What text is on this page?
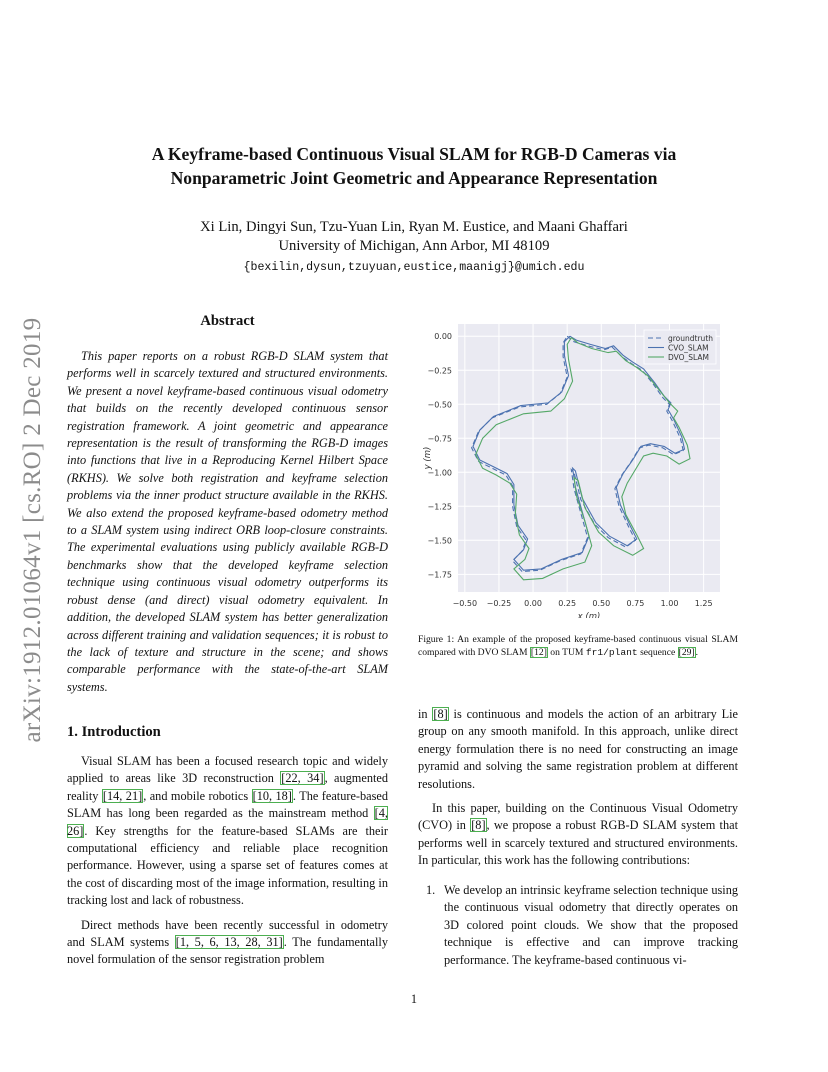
arXiv:1912.01064v1 [cs.RO] 2 Dec 2019
A Keyframe-based Continuous Visual SLAM for RGB-D Cameras via
Nonparametric Joint Geometric and Appearance Representation
Xi Lin, Dingyi Sun, Tzu-Yuan Lin, Ryan M. Eustice, and Maani Ghaffari
University of Michigan, Ann Arbor, MI 48109
{bexilin,dysun,tzuyuan,eustice,maanigj}@umich.edu
Abstract
This paper reports on a robust RGB-D SLAM system that performs well in scarcely textured and structured environments. We present a novel keyframe-based continuous visual odometry that builds on the recently developed continuous sensor registration framework. A joint geometric and appearance representation is the result of transforming the RGB-D images into functions that live in a Reproducing Kernel Hilbert Space (RKHS). We solve both registration and keyframe selection problems via the inner product structure available in the RKHS. We also extend the proposed keyframe-based odometry method to a SLAM system using indirect ORB loop-closure constraints. The experimental evaluations using publicly available RGB-D benchmarks show that the developed keyframe selection technique using continuous visual odometry outperforms its robust dense (and direct) visual odometry equivalent. In addition, the developed SLAM system has better generalization across different training and validation sequences; it is robust to the lack of texture and structure in the scene; and shows comparable performance with the state-of-the-art SLAM systems.
1. Introduction

Visual SLAM has been a focused research topic and widely applied to areas like 3D reconstruction [22, 34], augmented reality [14, 21], and mobile robotics [10, 18]. The feature-based SLAM has long been regarded as the mainstream method [4, 26]. Key strengths for the feature-based SLAMs are their computational efficiency and reliable place recognition performance. However, using a sparse set of features comes at the cost of discarding most of the image information, resulting in tracking lost and lack of robustness.

Direct methods have been recently successful in odometry and SLAM systems [1, 5, 6, 13, 28, 31]. The fundamentally novel formulation of the sensor registration problem

in [8] is continuous and models the action of an arbitrary Lie group on any smooth manifold. In this approach, unlike direct energy formulation there is no need for constructing an image pyramid and solving the same registration problem at different resolutions.

In this paper, building on the Continuous Visual Odometry (CVO) in [8], we propose a robust RGB-D SLAM system that performs well in scarcely textured and structured environments. In particular, this work has the following contributions:

1. We develop an intrinsic keyframe selection technique using the continuous visual odometry that directly operates on 3D colored point clouds. We show that the proposed technique is effective and can improve tracking performance. The keyframe-based continuous vi-
−0.50 −0.25 0.00 0.25 0.50 0.75 1.00 1.25
0.00
−0.25
−0.50
−0.75
−1.00
−1.25
−1.50
−1.75
x (m)
y (m)
groundtruth
CVO_SLAM
DVO_SLAM
Figure 1: An example of the proposed keyframe-based continuous visual SLAM compared with DVO SLAM [12] on TUM fr1/plant sequence [29].
1
